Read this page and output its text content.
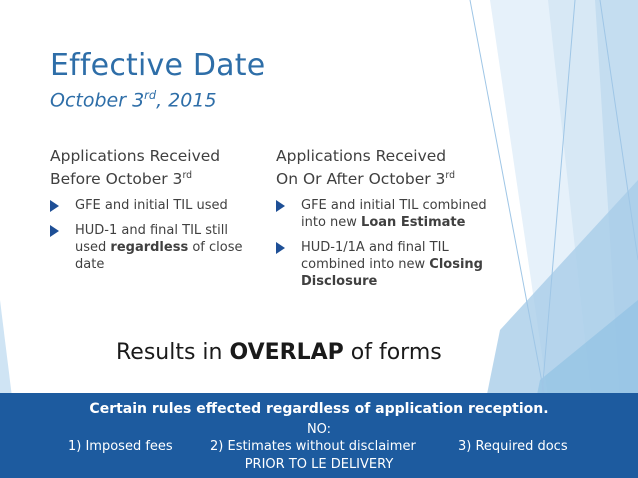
Effective Date
October 3rd, 2015
Applications Received
Before October 3rd
GFE and initial TIL used
HUD-1 and final TIL still used regardless of close date
Applications Received
On Or After October 3rd
GFE and initial TIL combined into new Loan Estimate
HUD-1/1A and final TIL combined into new Closing Disclosure
Results in OVERLAP of forms
Certain rules effected regardless of application reception.
NO:
1) Imposed fees	2) Estimates without disclaimer	3) Required docs
PRIOR TO LE DELIVERY
